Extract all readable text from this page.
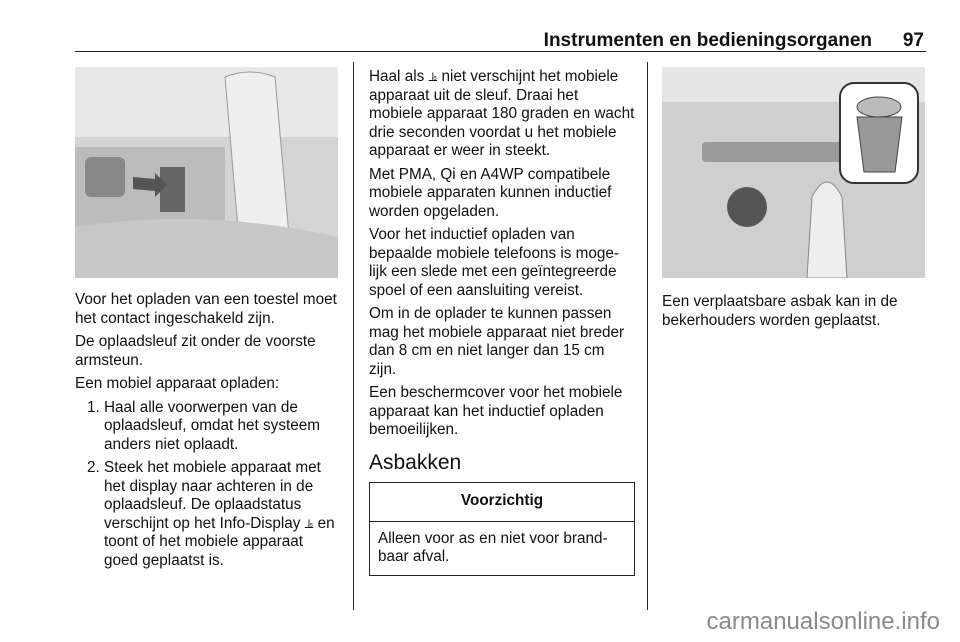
Instrumenten en bedieningsorganen 97

Voor het opladen van een toestel moet het contact ingeschakeld zijn.

De oplaadsleuf zit onder de voorste armsteun.

Een mobiel apparaat opladen:

1. Haal alle voorwerpen van de oplaadsleuf, omdat het systeem anders niet oplaadt.
2. Steek het mobiele apparaat met het display naar achteren in de oplaadsleuf. De oplaadstatus verschijnt op het Info-Display ⫡ en toont of het mobiele apparaat goed geplaatst is.

Haal als ⫡ niet verschijnt het mobiele apparaat uit de sleuf. Draai het mobiele apparaat 180 graden en wacht drie seconden voordat u het mobiele apparaat er weer in steekt.

Met PMA, Qi en A4WP compatibele mobiele apparaten kunnen inductief worden opgeladen.

Voor het inductief opladen van bepaalde mobiele telefoons is moge-lijk een slede met een geïntegreerde spoel of een aansluiting vereist.

Om in de oplader te kunnen passen mag het mobiele apparaat niet breder dan 8 cm en niet langer dan 15 cm zijn.

Een beschermcover voor het mobiele apparaat kan het inductief opladen bemoeilijken.

Asbakken
Voorzichtig
Alleen voor as en niet voor brand-baar afval.

Een verplaatsbare asbak kan in de bekerhouders worden geplaatst.

carmanualsonline.info
